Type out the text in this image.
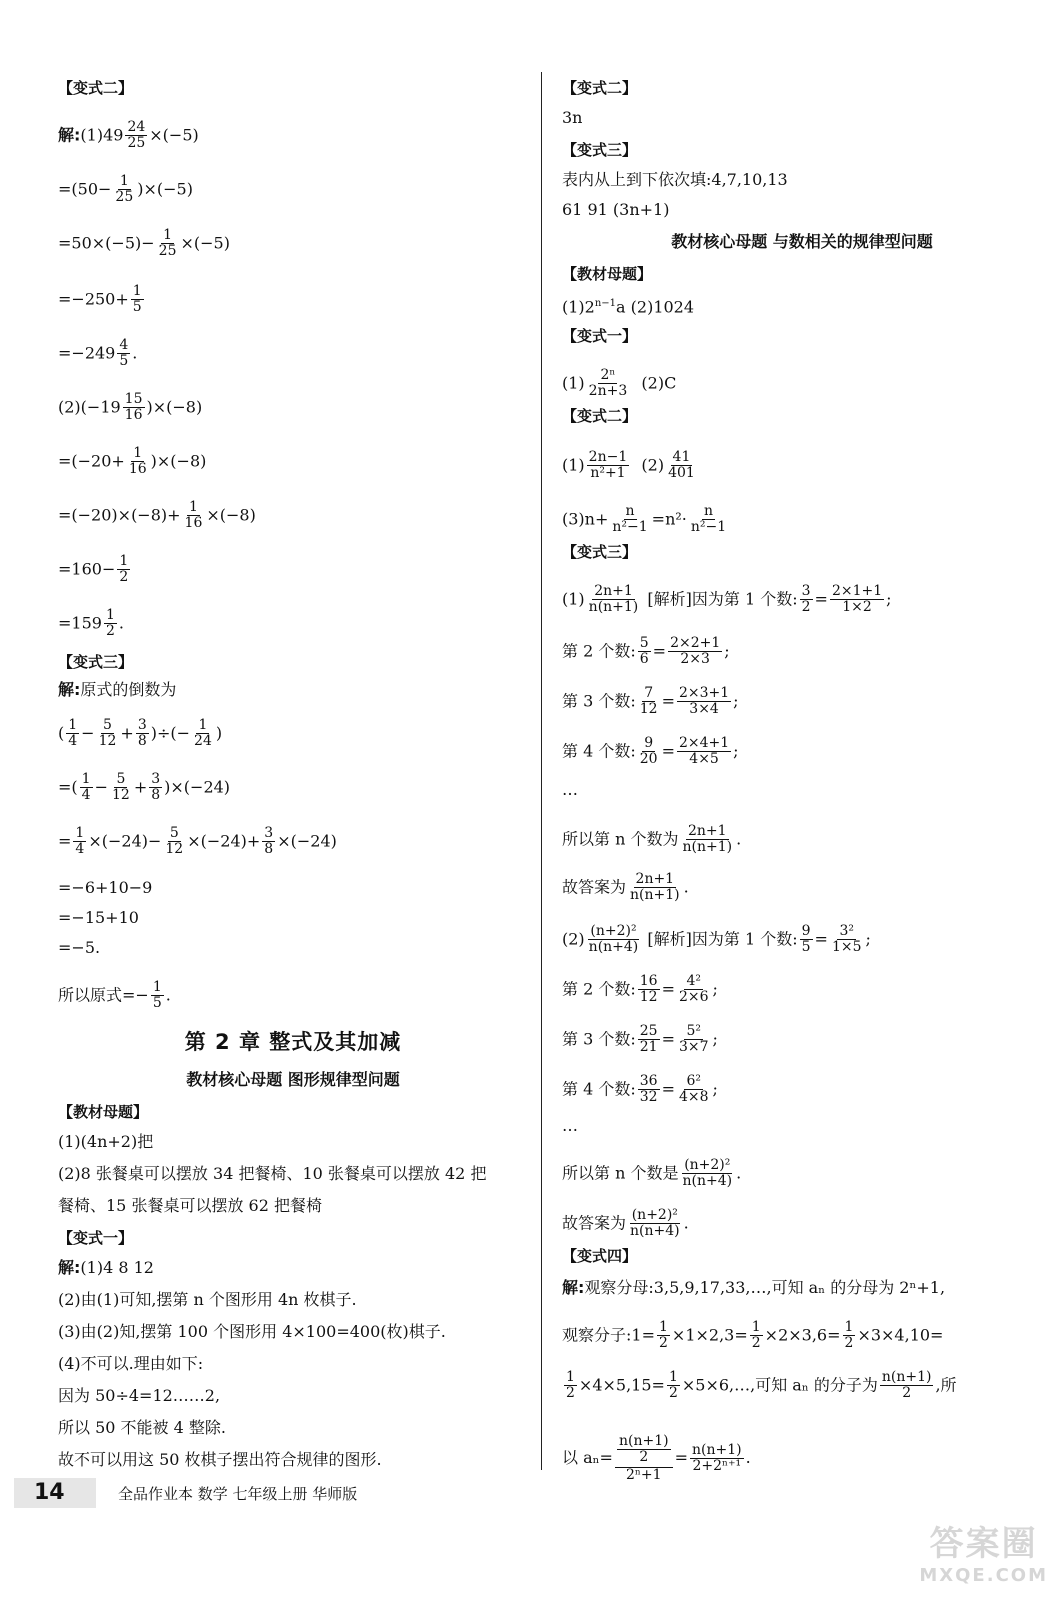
【变式二】
解:(1)49 $\frac{24}{25} \times(-5)$
$=(50- \frac{1}{25} )\times(-5)$
$=50\times(-5)- \frac{1}{25} \times(-5)$
$=-250+ \frac{1}{5}$
$=-249 \frac{4}{5}$ .
$(2)(-19 \frac{15}{16} )\times(-8)$
$=(-20+ \frac{1}{16} )\times(-8)$
$=(-20)\times(-8)+ \frac{1}{16} \times(-8)$
$=160- \frac{1}{2}$
$=159 \frac{1}{2}$ .
【变式三】
解:原式的倒数为
( $\frac{1}{4} - \frac{5}{12} + \frac{3}{8}$ )÷(− $\frac{1}{24}$ )
=( $\frac{1}{4} - \frac{5}{12} + \frac{3}{8} )\times(-24)$
= $\frac{1}{4} \times(-24)- \frac{5}{12} \times(-24)+ \frac{3}{8} \times(-24)$
=−6+10−9
=−15+10
=−5.
所以原式=− $\frac{1}{5}$ .
第 2 章 整式及其加减
教材核心母题 图形规律型问题
【教材母题】
(1)(4n+2)把
(2)8 张餐桌可以摆放 34 把餐椅、10 张餐桌可以摆放 42 把
餐椅、15 张餐桌可以摆放 62 把餐椅
【变式一】
解:(1)4 8 12
(2)由(1)可知,摆第 n 个图形用 4n 枚棋子.
(3)由(2)知,摆第 100 个图形用 4×100=400(枚)棋子.
(4)不可以.理由如下:
因为 50÷4=12……2,
所以 50 不能被 4 整除.
故不可以用这 50 枚棋子摆出符合规律的图形.
【变式二】
3n
【变式三】
表内从上到下依次填:4,7,10,13
61 91 (3n+1)
教材核心母题 与数相关的规律型问题
【教材母题】
$(1)2^{n-1}a$ (2)1024
【变式一】
$(1) \frac{\text{2ⁿ}}{2n+3} (2)C$
【变式二】
$(1) \frac{2n-1}{\text{n²+1}} (2) \frac{41}{401}$
$(3)n+ \frac{n}{\text{n²−1}} =n^2\cdot \frac{n}{\text{n²−1}}$
【变式三】
$(1) \frac{2n+1}{n(n+1)}$ [解析]因为第 1 个数: $\frac{3}{2} = \frac{2\times 1+1}{1\times 2}$ ;
第 2 个数: $\frac{5}{6} = \frac{2\times 2+1}{2\times 3}$ ;
第 3 个数: $\frac{7}{12} = \frac{2\times 3+1}{3\times 4}$ ;
第 4 个数: $\frac{9}{20} = \frac{2\times 4+1}{4\times 5}$ ;
…
所以第 n 个数为 $\frac{2n+1}{n(n+1)}$ .
故答案为 $\frac{2n+1}{n(n+1)}$ .
$(2) \frac{\text{(n+2)²}}{n(n+4)}$ [解析]因为第 1 个数: $\frac{9}{5} = \frac{\text{3²}}{1\times 5}$ ;
第 2 个数: $\frac{16}{12} = \frac{\text{4²}}{2\times 6}$ ;
第 3 个数: $\frac{25}{21} = \frac{\text{5²}}{3\times 7}$ ;
第 4 个数: $\frac{36}{32} = \frac{\text{6²}}{4\times 8}$ ;
…
所以第 n 个数是 $\frac{\text{(n+2)²}}{n(n+4)}$ .
故答案为 $\frac{\text{(n+2)²}}{n(n+4)}$ .
【变式四】
解:观察分母:3,5,9,17,33,…,可知 aₙ 的分母为 2ⁿ+1,
观察分子:1= $\frac{1}{2} \times 1\times 2,3= \frac{1}{2} \times 2\times 3,6= \frac{1}{2} \times 3\times 4,10=$
$\frac{1}{2} \times 4\times 5,15= \frac{1}{2}$ ×5×6,…,可知 aₙ 的分子为 $\frac{n(n+1)}{2}$ ,所
以 $a_n= \frac{\frac{n(n+1)}{2}}{\text{2ⁿ+1}} = \frac{n(n+1)}{\text{2+2ⁿ⁺¹}}$ .
14	全品作业本 数学 七年级上册 华师版
答案圈
MXQE.COM
